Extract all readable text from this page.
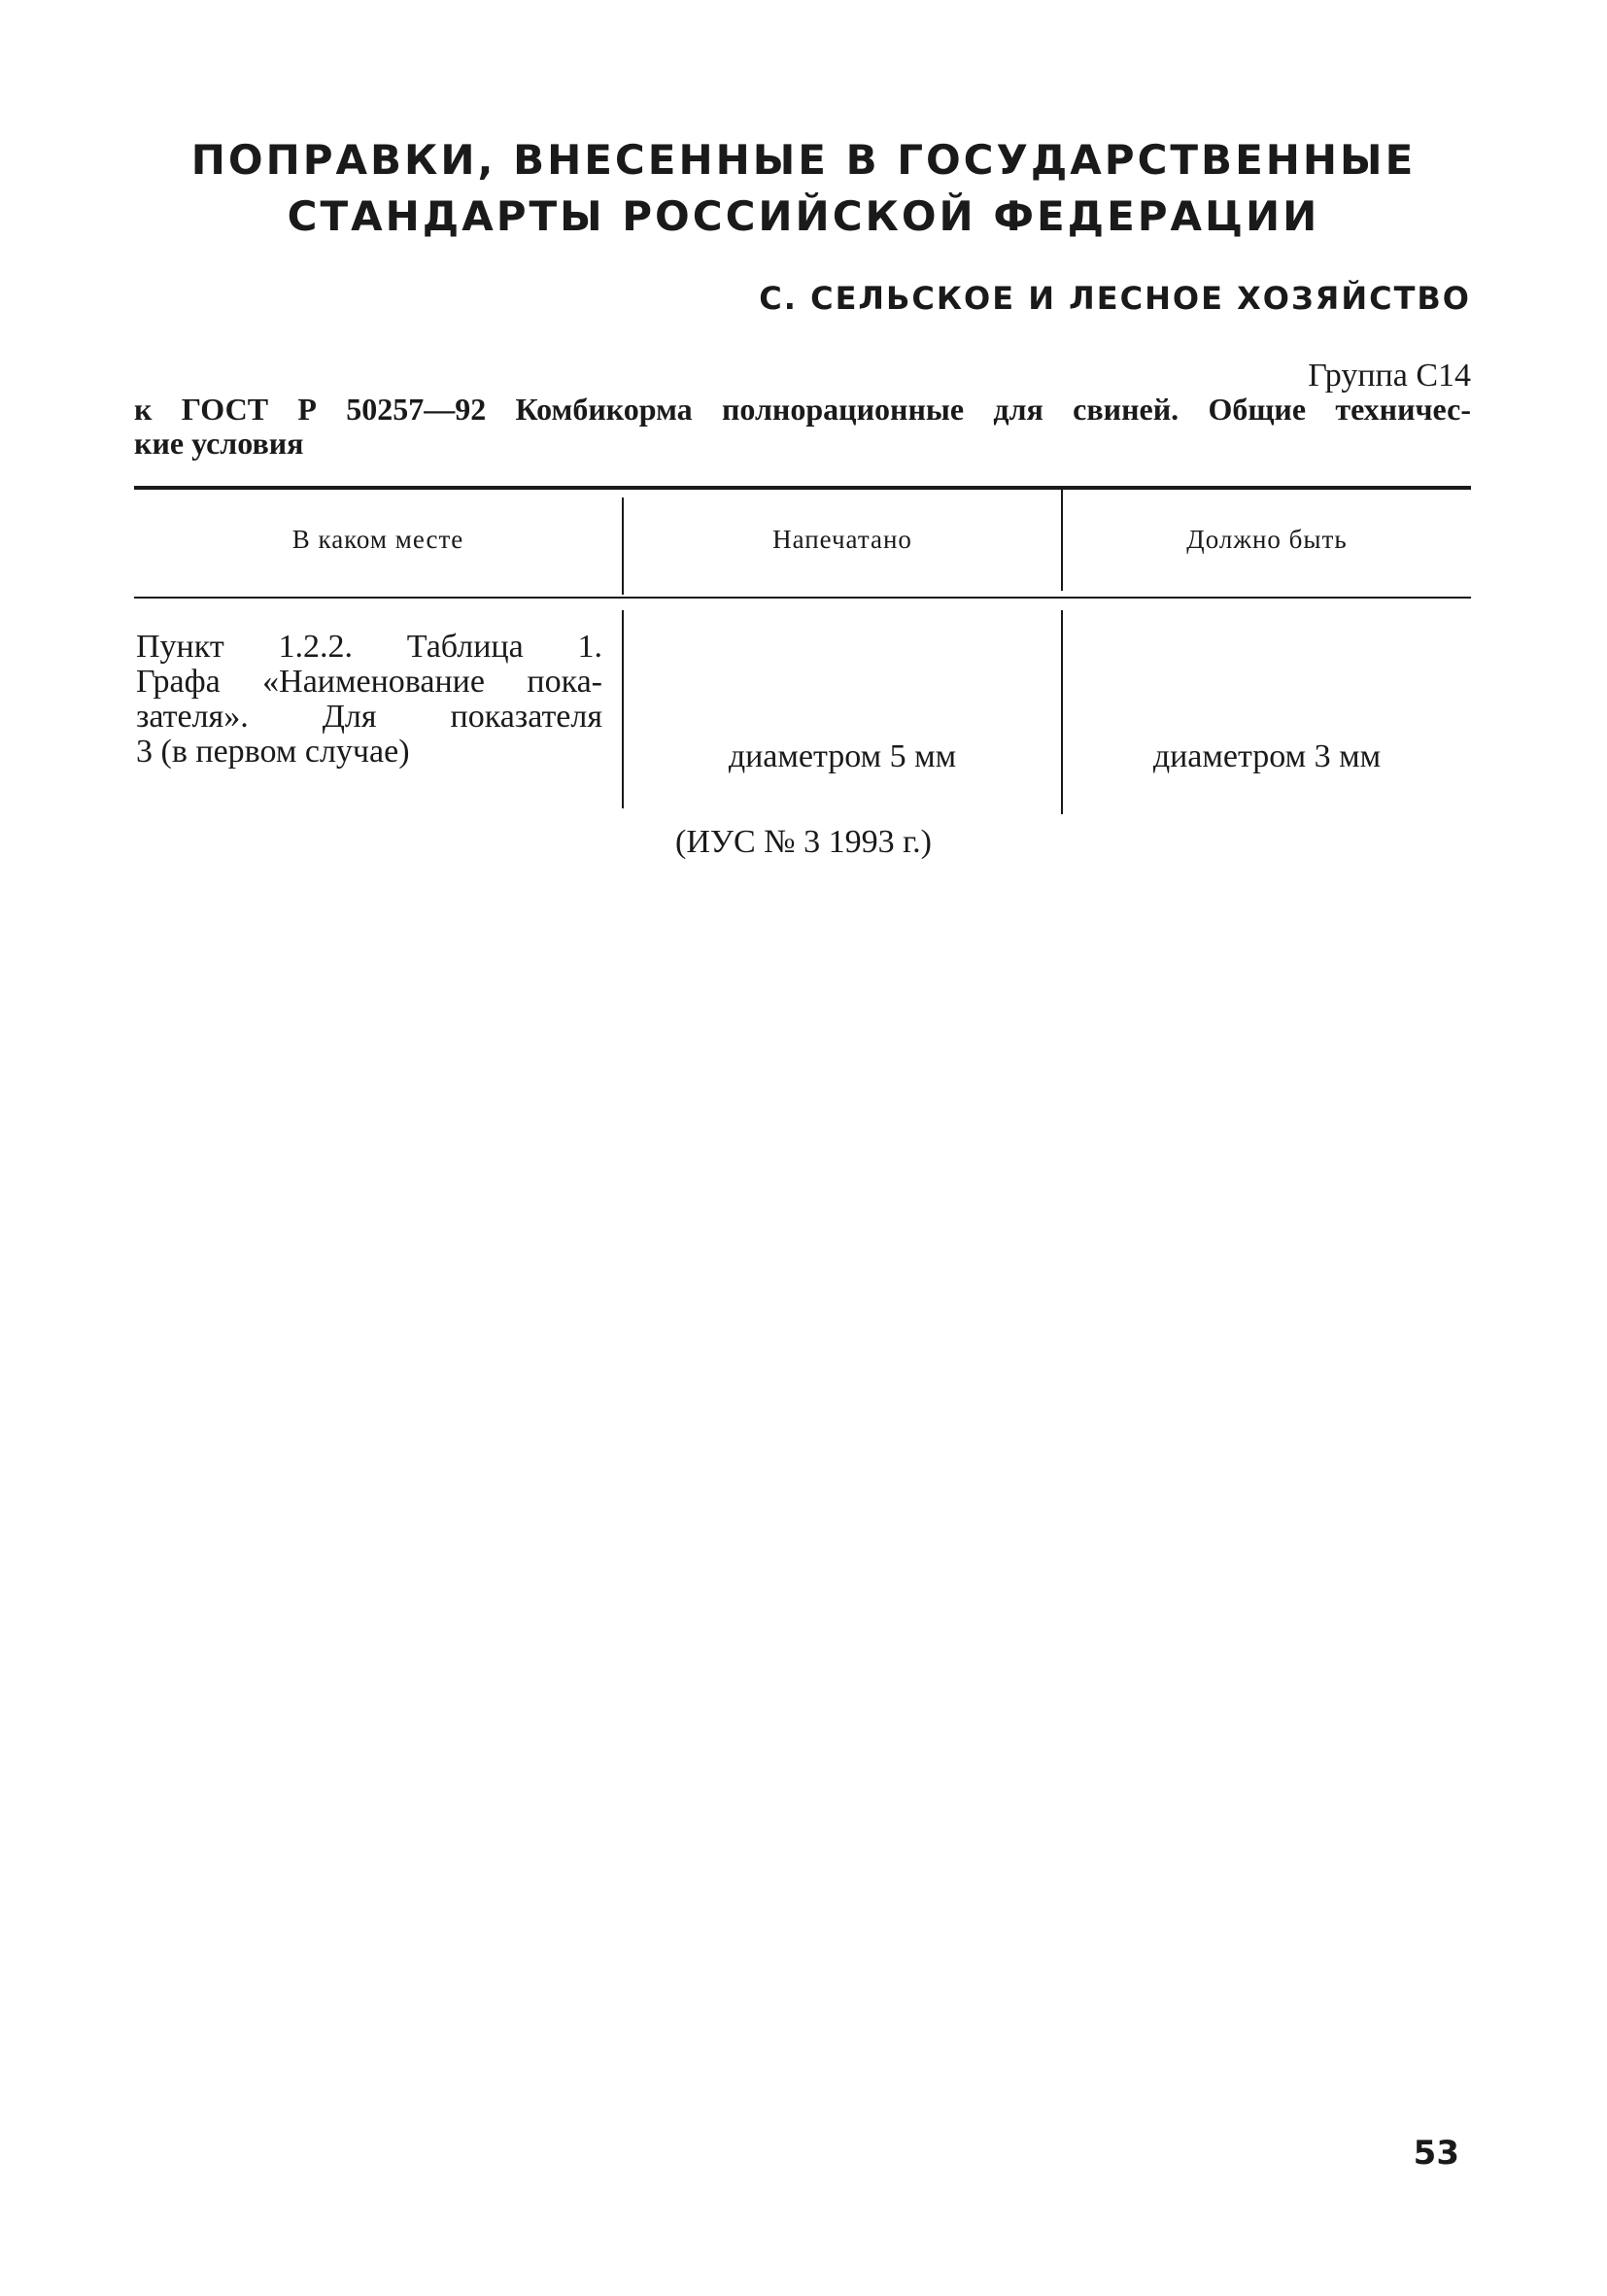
ПОПРАВКИ, ВНЕСЕННЫЕ В ГОСУДАРСТВЕННЫЕ
СТАНДАРТЫ РОССИЙСКОЙ ФЕДЕРАЦИИ
С. СЕЛЬСКОЕ И ЛЕСНОЕ ХОЗЯЙСТВО
Группа С14

к ГОСТ Р 50257—92 Комбикорма полнорационные для свиней. Общие техничес-
кие условия

В каком месте	Напечатано	Должно быть
Пункт 1.2.2. Таблица 1.
Графа «Наименование пока-
зателя». Для показателя
3 (в первом случае)	диаметром 5 мм	диаметром 3 мм
(ИУС № 3 1993 г.)
53
